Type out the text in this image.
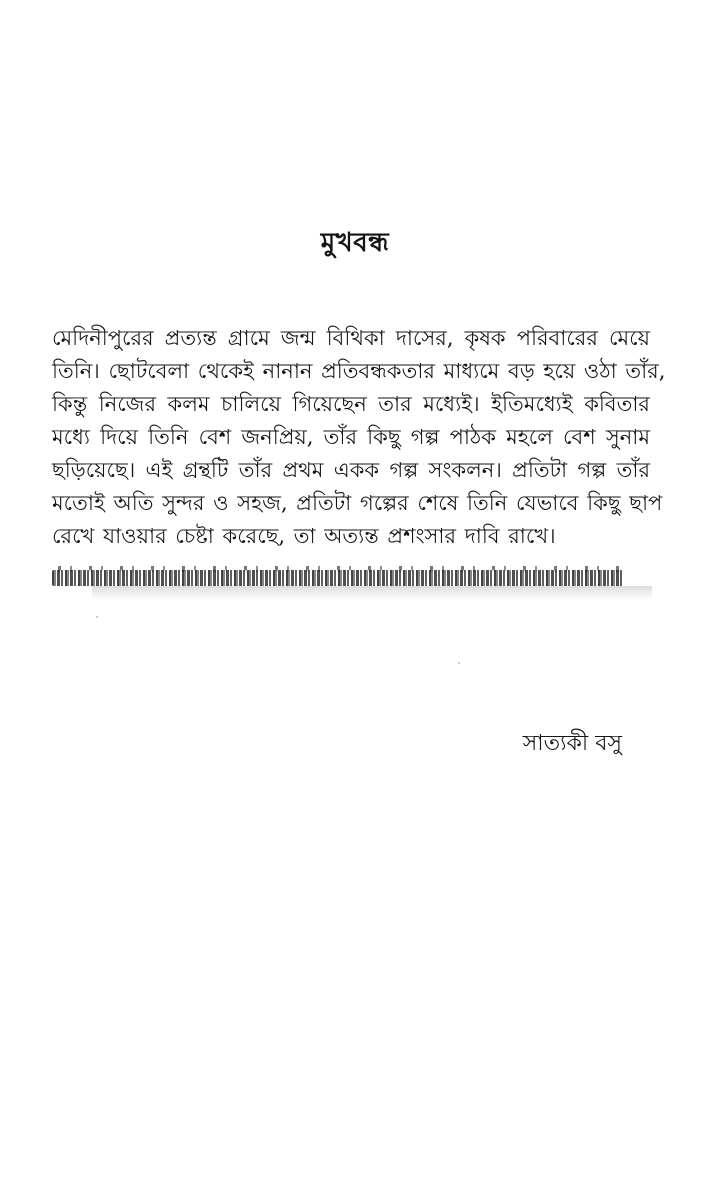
মুখবন্ধ

মেদিনীপুরের প্রত্যন্ত গ্রামে জন্ম বিথিকা দাসের, কৃষক পরিবারের মেয়ে
তিনি। ছোটবেলা থেকেই নানান প্রতিবন্ধকতার মাধ্যমে বড় হয়ে ওঠা তাঁর,
কিন্তু নিজের কলম চালিয়ে গিয়েছেন তার মধ্যেই। ইতিমধ্যেই কবিতার
মধ্যে দিয়ে তিনি বেশ জনপ্রিয়, তাঁর কিছু গল্প পাঠক মহলে বেশ সুনাম
ছড়িয়েছে। এই গ্রন্থটি তাঁর প্রথম একক গল্প সংকলন। প্রতিটা গল্প তাঁর
মতোই অতি সুন্দর ও সহজ, প্রতিটা গল্পের শেষে তিনি যেভাবে কিছু ছাপ
রেখে যাওয়ার চেষ্টা করেছে, তা অত্যন্ত প্রশংসার দাবি রাখে।

সাত্যকী বসু
